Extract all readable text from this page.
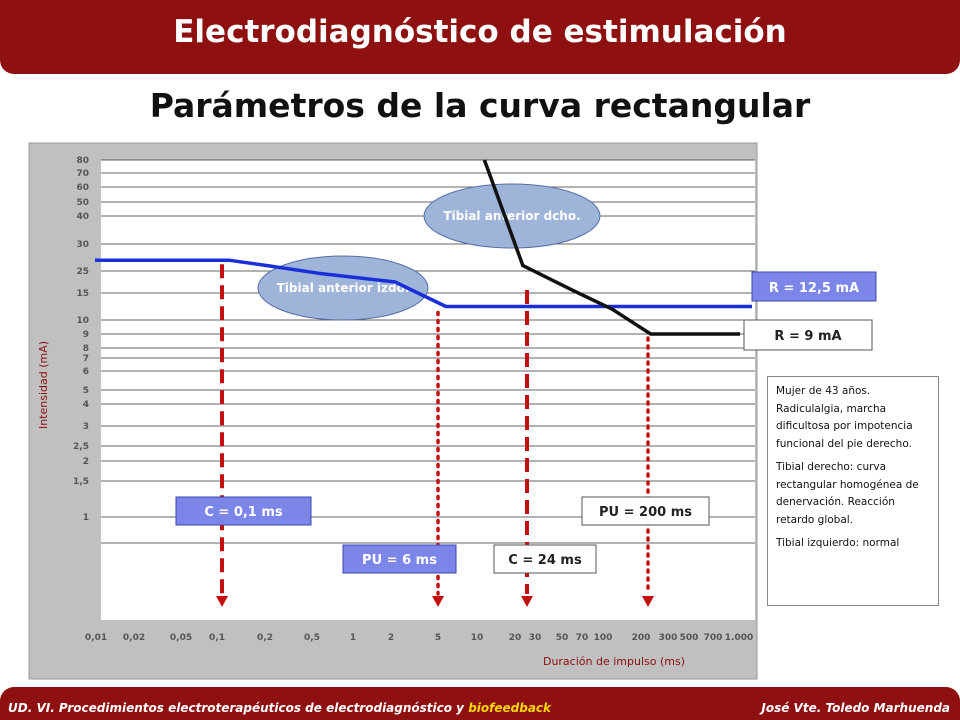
Electrodiagnóstico de estimulación
Parámetros de la curva rectangular
1
1,5
2
2,5
3
4
5
6
7
8
9
10
15
25
30
40
50
60
70
80
0,01 0,02	0,05 0,1	0,2	0,5	1	2	5	10	20 30 50 70 100 200 300 500 700 1.000
Duración de impulso (ms)
Intensidad (mA)
Tibial anterior izdo.
Tibial anterior dcho.
R = 12,5 mA
R = 9 mA
C = 0,1 ms
PU = 6 ms	C = 24 ms
PU = 200 ms

Mujer de 43 años. Radiculalgia, marcha dificultosa por impotencia funcional del pie derecho.

Tibial derecho: curva rectangular homogénea de denervación. Reacción retardo global.

Tibial izquierdo: normal

UD. VI. Procedimientos electroterapéuticos de electrodiagnóstico y biofeedback	José Vte. Toledo Marhuenda
